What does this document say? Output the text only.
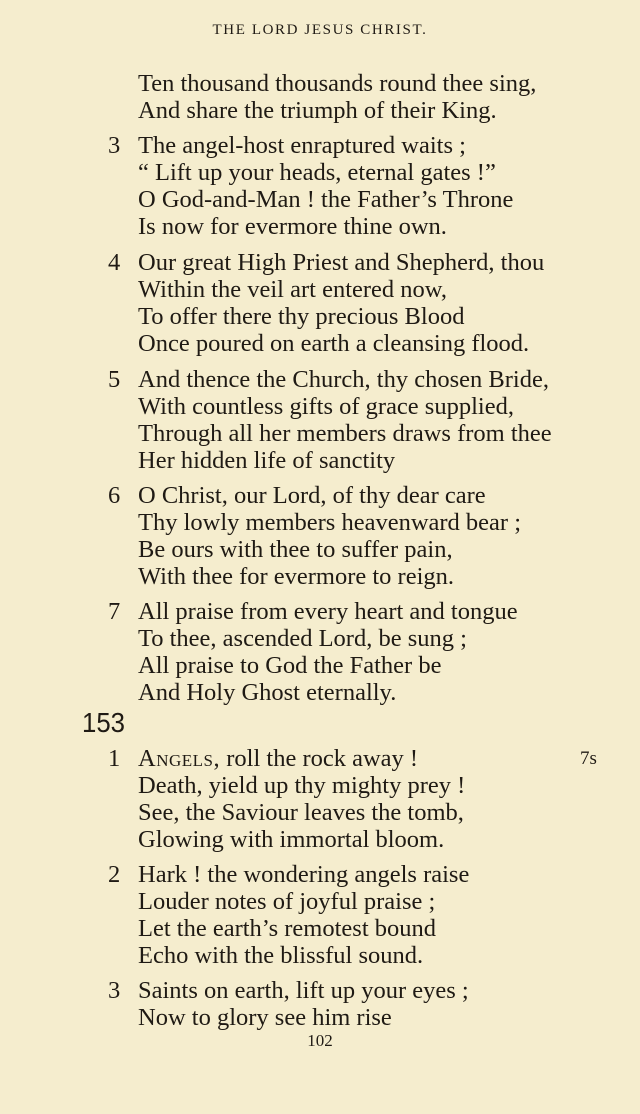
THE LORD JESUS CHRIST.
Ten thousand thousands round thee sing,
And share the triumph of their King.
3 The angel-host enraptured waits ;
“ Lift up your heads, eternal gates !”
O God-and-Man ! the Father’s Throne
Is now for evermore thine own.
4 Our great High Priest and Shepherd, thou
Within the veil art entered now,
To offer there thy precious Blood
Once poured on earth a cleansing flood.
5 And thence the Church, thy chosen Bride,
With countless gifts of grace supplied,
Through all her members draws from thee
Her hidden life of sanctity
6 O Christ, our Lord, of thy dear care
Thy lowly members heavenward bear ;
Be ours with thee to suffer pain,
With thee for evermore to reign.
7 All praise from every heart and tongue
To thee, ascended Lord, be sung ;
All praise to God the Father be
And Holy Ghost eternally.
153
7s
1 Angels, roll the rock away !
Death, yield up thy mighty prey !
See, the Saviour leaves the tomb,
Glowing with immortal bloom.
2 Hark ! the wondering angels raise
Louder notes of joyful praise ;
Let the earth’s remotest bound
Echo with the blissful sound.
3 Saints on earth, lift up your eyes ;
Now to glory see him rise
102
